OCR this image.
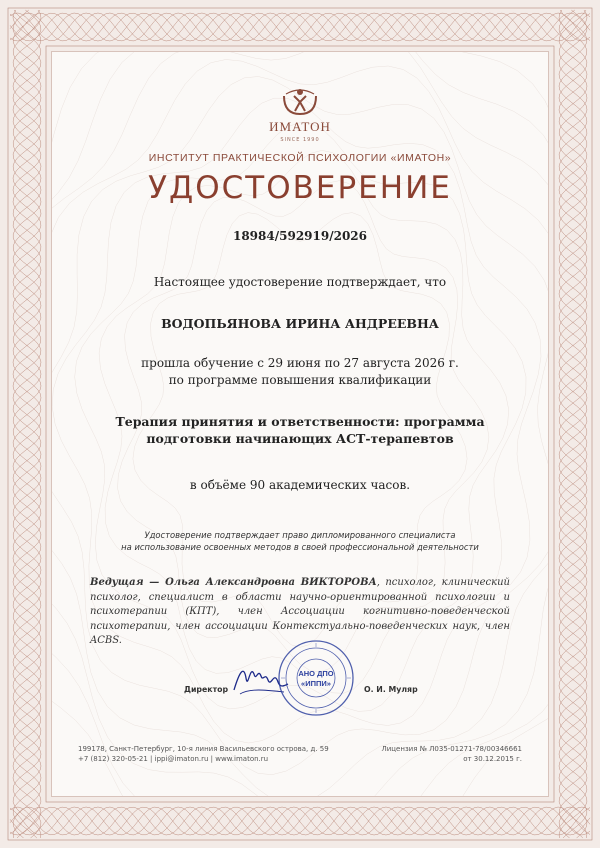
ИМАТОН
SINCE 1990
ИНСТИТУТ ПРАКТИЧЕСКОЙ ПСИХОЛОГИИ «ИМАТОН»
УДОСТОВЕРЕНИЕ
18984/592919/2026
Настоящее удостоверение подтверждает, что
ВОДОПЬЯНОВА ИРИНА АНДРЕЕВНА
прошла обучение с 29 июня по 27 августа 2026 г.
по программе повышения квалификации
Терапия принятия и ответственности: программа
подготовки начинающих АСТ-терапевтов
в объёме 90 академических часов.
Удостоверение подтверждает право дипломированного специалиста
на использование освоенных методов в своей профессиональной деятельности
Ведущая — Ольга Александровна ВИКТОРОВА, психолог, клинический психолог, специалист в области научно-ориентированной психологии и психотерапии (КПТ), член Ассоциации когнитивно-поведенческой психотерапии, член ассоциации Контекстуально-поведенческих наук, член ACBS.
Директор
АНО ДПО
«ИППИ»
О. И. Муляр
199178, Санкт-Петербург, 10-я линия Васильевского острова, д. 59
+7 (812) 320-05-21 | ippi@imaton.ru | www.imaton.ru
Лицензия № Л035-01271-78/00346661
от 30.12.2015 г.
